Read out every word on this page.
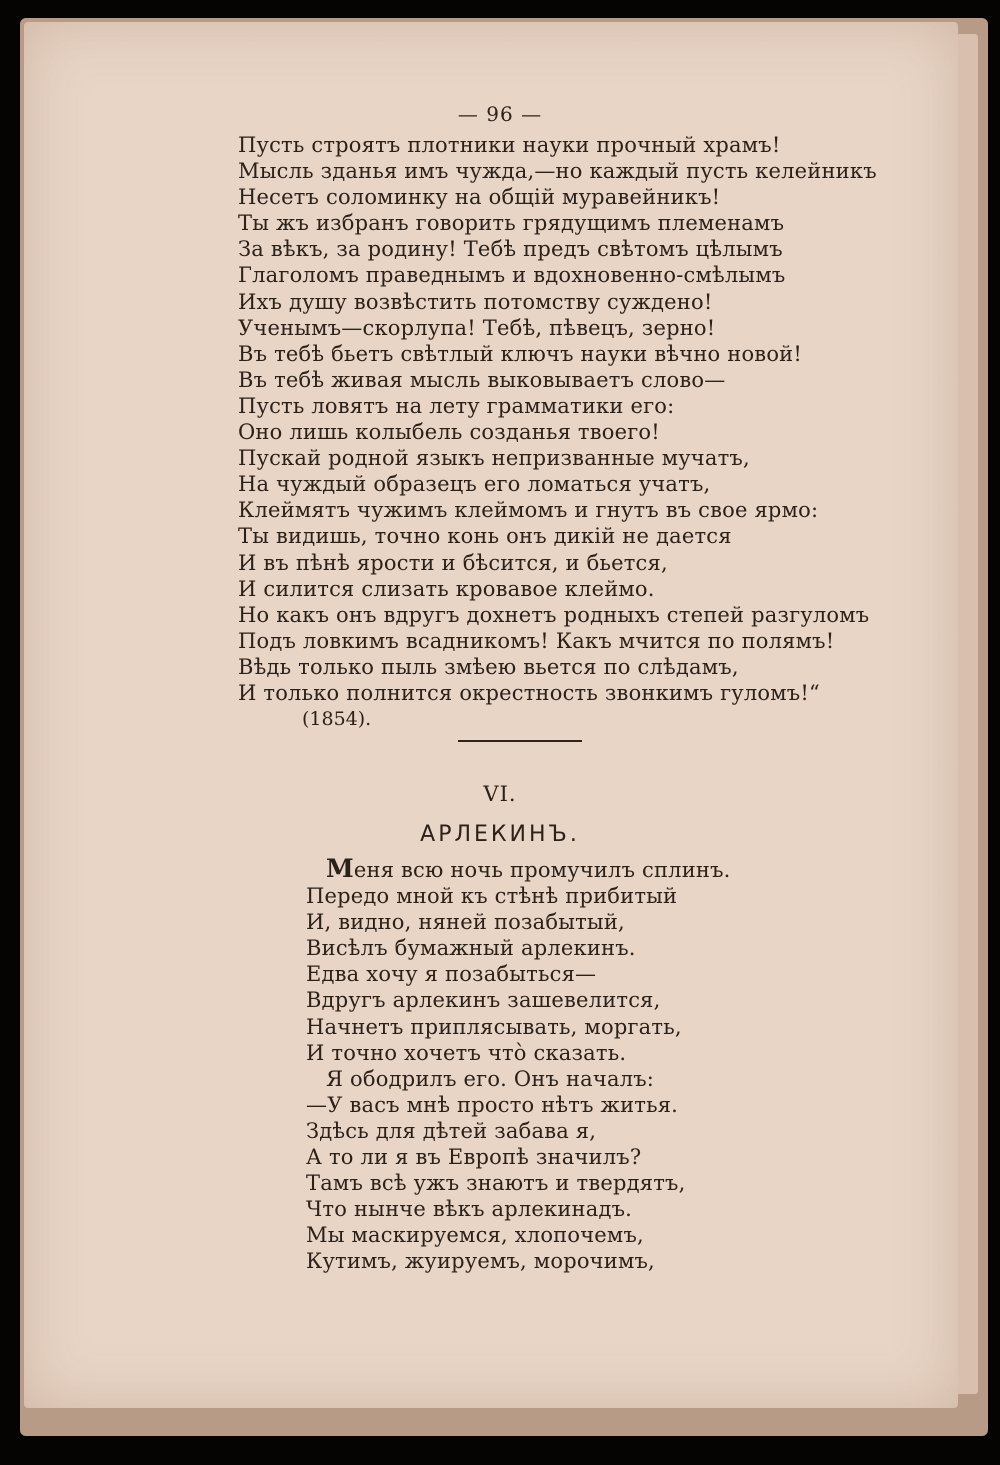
— 96 —
Пусть строятъ плотники науки прочный храмъ!
Мысль зданья имъ чужда,—но каждый пусть келейникъ
Несетъ соломинку на общій муравейникъ!
Ты жъ избранъ говорить грядущимъ племенамъ
За вѣкъ, за родину! Тебѣ предъ свѣтомъ цѣлымъ
Глаголомъ праведнымъ и вдохновенно-смѣлымъ
Ихъ душу возвѣстить потомству суждено!
Ученымъ—скорлупа! Тебѣ, пѣвецъ, зерно!
Въ тебѣ бьетъ свѣтлый ключъ науки вѣчно новой!
Въ тебѣ живая мысль выковываетъ слово—
Пусть ловятъ на лету грамматики его:
Оно лишь колыбель созданья твоего!
Пускай родной языкъ непризванные мучатъ,
На чуждый образецъ его ломаться учатъ,
Клеймятъ чужимъ клеймомъ и гнутъ въ свое ярмо:
Ты видишь, точно конь онъ дикій не дается
И въ пѣнѣ ярости и бѣсится, и бьется,
И силится слизать кровавое клеймо.
Но какъ онъ вдругъ дохнетъ родныхъ степей разгуломъ
Подъ ловкимъ всадникомъ! Какъ мчится по полямъ!
Вѣдь только пыль змѣею вьется по слѣдамъ,
И только полнится окрестность звонкимъ гуломъ!“
(1854).
VI.
АРЛЕКИНЪ.
Меня всю ночь промучилъ сплинъ.
Передо мной къ стѣнѣ прибитый
И, видно, няней позабытый,
Висѣлъ бумажный арлекинъ.
Едва хочу я позабыться—
Вдругъ арлекинъ зашевелится,
Начнетъ приплясывать, моргать,
И точно хочетъ что̀ сказать.
Я ободрилъ его. Онъ началъ:
—У васъ мнѣ просто нѣтъ житья.
Здѣсь для дѣтей забава я,
А то ли я въ Европѣ значилъ?
Тамъ всѣ ужъ знаютъ и твердятъ,
Что нынче вѣкъ арлекинадъ.
Мы маскируемся, хлопочемъ,
Кутимъ, жуируемъ, морочимъ,
